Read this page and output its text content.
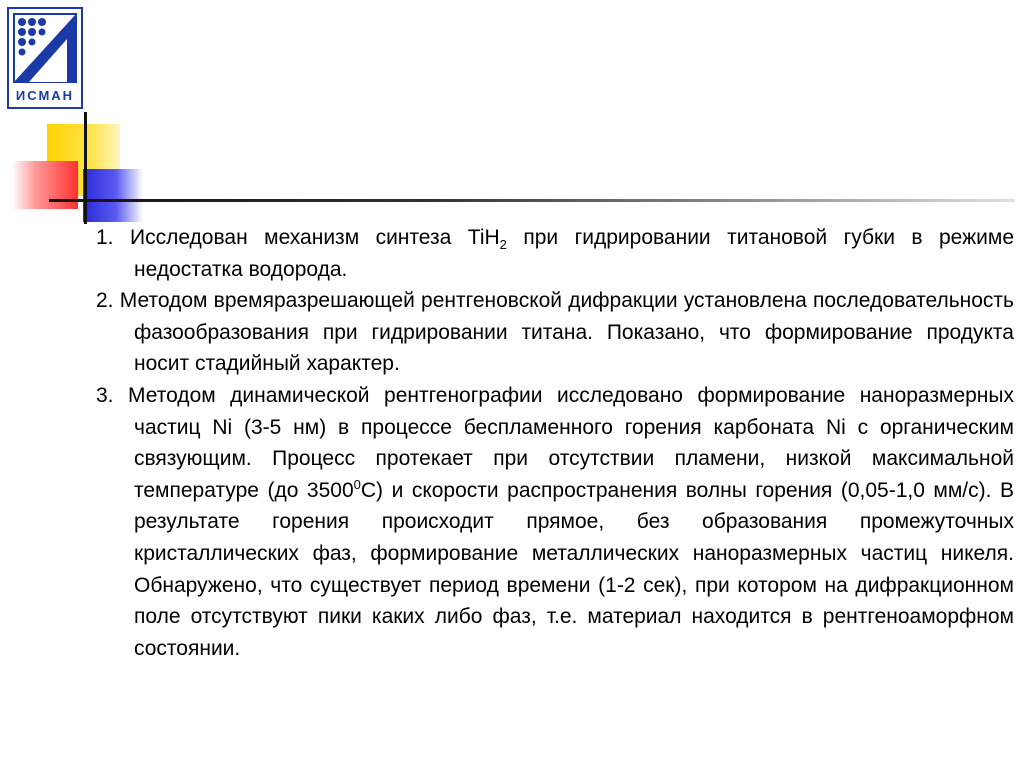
ИСМАН

1. Исследован механизм синтеза TiH$_2$ при гидрировании титановой губки в режиме недостатка водорода.

2. Методом времяразрешающей рентгеновской дифракции установлена последовательность фазообразования при гидрировании титана. Показано, что формирование продукта носит стадийный характер.

3. Методом динамической рентгенографии исследовано формирование наноразмерных частиц Ni (3-5 нм) в процессе беспламенного горения карбоната Ni с органическим связующим. Процесс протекает при отсутствии пламени, низкой максимальной температуре (до 3500$^0$С) и скорости распространения волны горения (0,05-1,0 мм/с). В результате горения происходит прямое, без образования промежуточных кристаллических фаз, формирование металлических наноразмерных частиц никеля. Обнаружено, что существует период времени (1-2 сек), при котором на дифракционном поле отсутствуют пики каких либо фаз, т.е. материал находится в рентгеноаморфном состоянии.
